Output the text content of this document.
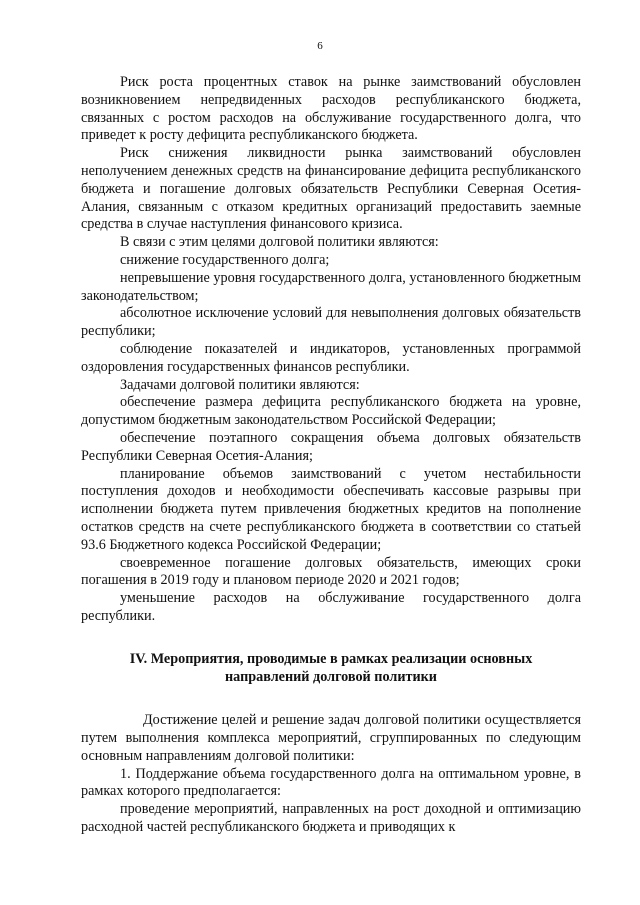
6

Риск роста процентных ставок на рынке заимствований обусловлен возникновением непредвиденных расходов республиканского бюджета, связанных с ростом расходов на обслуживание государственного долга, что приведет к росту дефицита республиканского бюджета.

Риск снижения ликвидности рынка заимствований обусловлен неполучением денежных средств на финансирование дефицита республиканского бюджета и погашение долговых обязательств Республики Северная Осетия-Алания, связанным с отказом кредитных организаций предоставить заемные средства в случае наступления финансового кризиса.

В связи с этим целями долговой политики являются:

снижение государственного долга;

непревышение уровня государственного долга, установленного бюджетным законодательством;

абсолютное исключение условий для невыполнения долговых обязательств республики;

соблюдение показателей и индикаторов, установленных программой оздоровления государственных финансов республики.

Задачами долговой политики являются:

обеспечение размера дефицита республиканского бюджета на уровне, допустимом бюджетным законодательством Российской Федерации;

обеспечение поэтапного сокращения объема долговых обязательств Республики Северная Осетия-Алания;

планирование объемов заимствований с учетом нестабильности поступления доходов и необходимости обеспечивать кассовые разрывы при исполнении бюджета путем привлечения бюджетных кредитов на пополнение остатков средств на счете республиканского бюджета в соответствии со статьей 93.6 Бюджетного кодекса Российской Федерации;

своевременное погашение долговых обязательств, имеющих сроки погашения в 2019 году и плановом периоде 2020 и 2021 годов;

уменьшение расходов на обслуживание государственного долга республики.

IV. Мероприятия, проводимые в рамках реализации основных направлений долговой политики

Достижение целей и решение задач долговой политики осуществляется путем выполнения комплекса мероприятий, сгруппированных по следующим основным направлениям долговой политики:

1. Поддержание объема государственного долга на оптимальном уровне, в рамках которого предполагается:

проведение мероприятий, направленных на рост доходной и оптимизацию расходной частей республиканского бюджета и приводящих к
